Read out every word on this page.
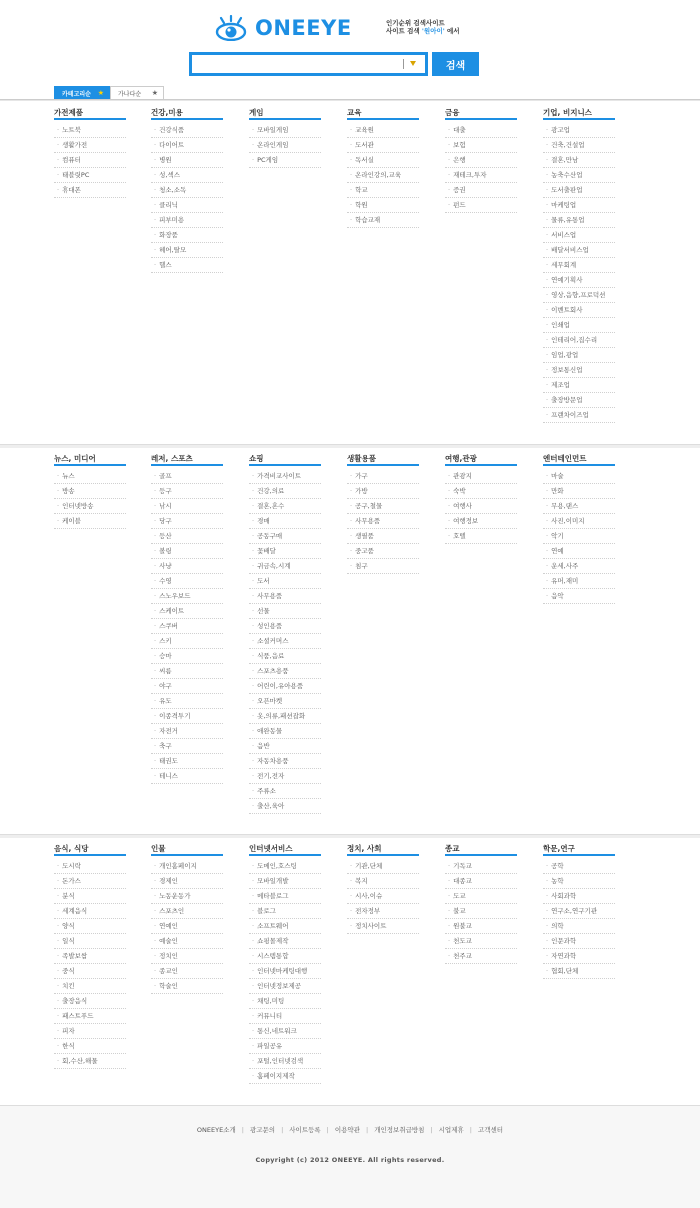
ONEEYE	인기순위 검색사이트
사이트 검색 '원아이' 에서
검색
카테고리순 ★ 가나다순 ★
가전제품
· 노트북
· 생활가전
· 컴퓨터
· 태블릿PC
· 휴대폰
건강,미용
· 건강식품
· 다이어트
· 병원
· 성,섹스
· 청소,소독
· 클리닉
· 피부미용
· 화장품
· 헤어,탈모
· 헬스
게임
· 모바일게임
· 온라인게임
· PC게임
교육
· 교육원
· 도서관
· 독서실
· 온라인강의,교육
· 학교
· 학원
· 학습교재
금융
· 대출
· 보험
· 은행
· 재테크,투자
· 증권
· 펀드
기업, 비지니스
· 광고업
· 건축,건설업
· 결혼,만남
· 농축수산업
· 도서출판업
· 마케팅업
· 물류,유통업
· 서비스업
· 배달서비스업
· 세무회계
· 연예기획사
· 영상,음향,프로덕션
· 이벤트회사
· 인쇄업
· 인테리어,집수리
· 임업,광업
· 정보통신업
· 제조업
· 출장방문업
· 프랜차이즈업
뉴스, 미디어
· 뉴스
· 방송
· 인터넷방송
· 케이블
레저, 스포츠
· 골프
· 등구
· 낚시
· 당구
· 등산
· 볼링
· 사냥
· 수영
· 스노우보드
· 스케이트
· 스쿠버
· 스키
· 승마
· 씨름
· 야구
· 유도
· 이종격투기
· 자전거
· 축구
· 태권도
· 테니스
쇼핑
· 가격비교사이트
· 건강,의료
· 결혼,혼수
· 경매
· 공동구매
· 꽃배달
· 귀금속,시계
· 도서
· 사무용품
· 선물
· 성인용품
· 소셜커머스
· 식품,음료
· 스포츠용품
· 어린이,유아용품
· 오픈마켓
· 옷,의류,패션잡화
· 애완동물
· 음반
· 자동차용품
· 전기,전자
· 주류소
· 출산,육아
생활용품
· 가구
· 가방
· 공구,철물
· 사무용품
· 생필품
· 중고품
· 침구
여행,관광
· 관광지
· 숙박
· 여행사
· 여행정보
· 호텔
엔터테인먼트
· 마술
· 만화
· 무용,댄스
· 사진,이미지
· 악기
· 연예
· 운세,사주
· 유머,재미
· 음악
음식, 식당
· 도시락
· 돈가스
· 분식
· 세계음식
· 양식
· 일식
· 족발보쌈
· 중식
· 치킨
· 출장음식
· 패스트푸드
· 피자
· 한식
· 회,수산,해물
인물
· 개인홈페이지
· 경제인
· 노동운동가
· 스포츠인
· 연예인
· 예술인
· 정치인
· 종교인
· 학술인
인터넷서비스
· 도메인,호스팅
· 모바일개발
· 메타블로그
· 블로그
· 소프트웨어
· 쇼핑몰제작
· 시스템통합
· 인터넷마케팅대행
· 인터넷정보제공
· 채팅,미팅
· 커뮤니티
· 통신,네트워크
· 파일공유
· 포털,인터넷검색
· 홈페이지제작
정치, 사회
· 기관,단체
· 복지
· 시사,이슈
· 전자정부
· 정치사이트
종교
· 기독교
· 대종교
· 도교
· 불교
· 원불교
· 천도교
· 천주교
학문,연구
· 공학
· 농학
· 사회과학
· 연구소,연구기관
· 의학
· 인문과학
· 자연과학
· 협회,단체
ONEEYE소개 | 광고문의 | 사이트등록 | 이용약관 | 개인정보취급방침 | 시업제휴 | 고객센터
Copyright (c) 2012 ONEEYE. All rights reserved.
